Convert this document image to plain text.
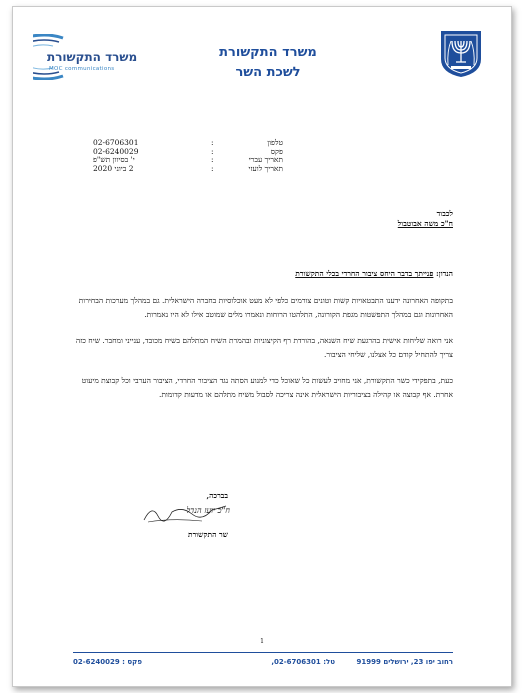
משרד התקשורת
לשכת השר
משרד התקשורת
MOC communications
טלפון
:
02-6706301
פקס
:
02-6240029
תאריך עברי
:
י' בסיוון תש"פ
תאריך לועזי
:
2 ביוני 2020
לכבוד
ח"כ משה אבוטבול
הנדון: פנייתך בדבר היחס ציבור החרדי בכלי התקשורת

בתקופה האחרונה ידענו התבטאויות קשות וטונים צורמים כלפי לא מעט אוכלוסיות בחברה הישראלית. גם במהלך מערכות הבחירות האחרונות וגם במהלך התפשטות מגפת הקורונה, התלהטו הרוחות ונאמרו מלים שמוטב אילו לא היו נאמרות.

אני רואה שליחות אישית בהרגעת שיח השנאה, בהורדת רף הקיצוניות ובהמרת השיח המתלהם בשיח מכובד, ענייני ומחבר. שיח כזה צריך להתחיל קודם כל אצלנו, שליחי הציבור.

כעת, בתפקידי כשר התקשורת, אני מחויב לעשות כל שאוכל כדי למנוע הסתה נגד הציבור החרדי, הציבור הערבי וכל קבוצת מיעוט אחרת. אף קבוצה או קהילה בציבוריות הישראלית אינה צריכה לסבול משיח מתלהם או מדעות קדומות.

בברכה,
ח"כ יועז הנדל
שר התקשורת
1
רחוב יפו 23, ירושלים 91999
טל: 02-6706301,
פקס : 02-6240029
